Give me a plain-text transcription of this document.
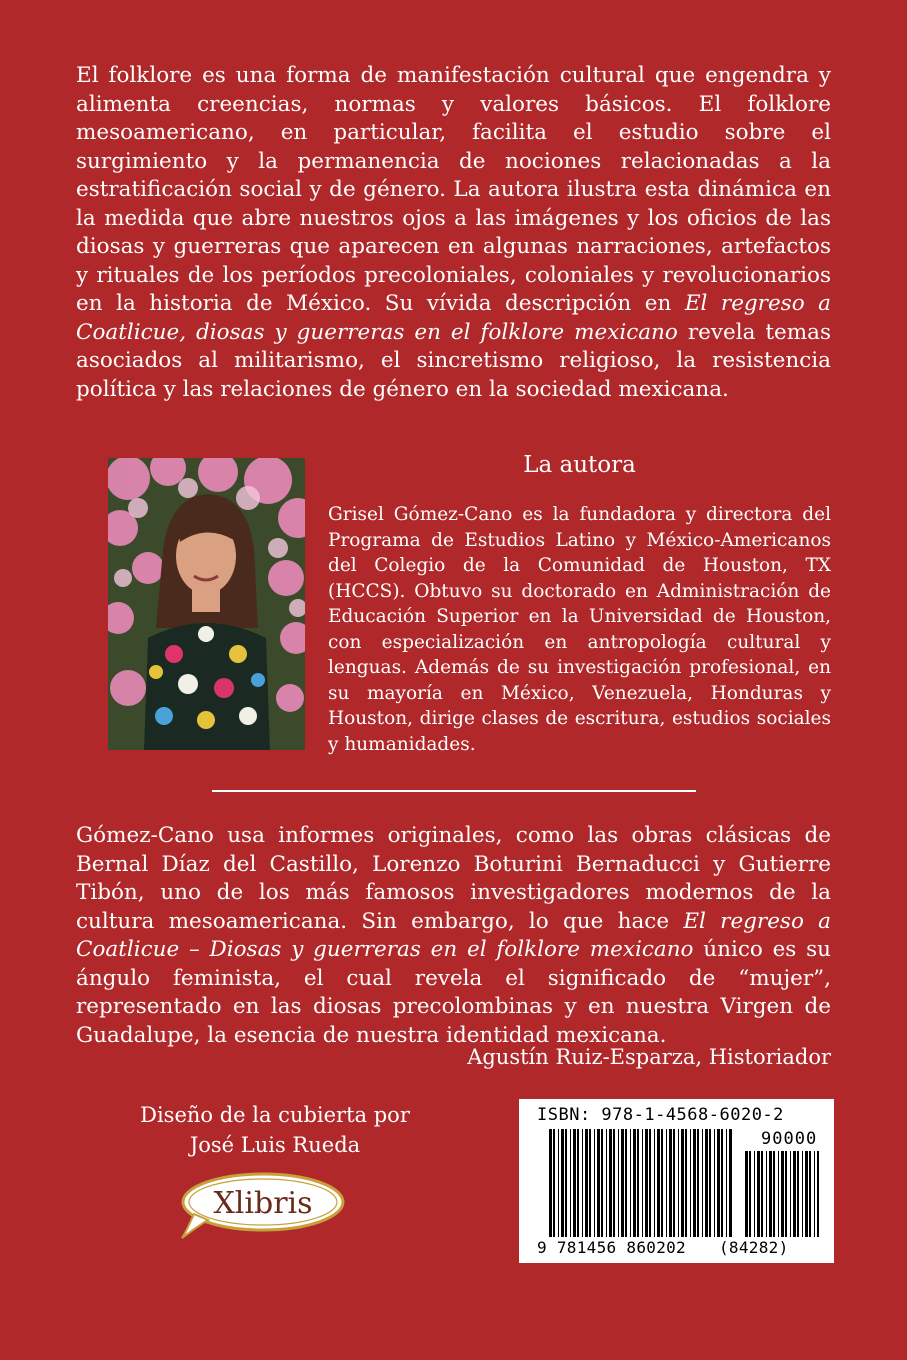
El folklore es una forma de manifestación cultural que engendra y alimenta creencias, normas y valores básicos. El folklore mesoamericano, en particular, facilita el estudio sobre el surgimiento y la permanencia de nociones relacionadas a la estratificación social y de género. La autora ilustra esta dinámica en la medida que abre nuestros ojos a las imágenes y los oficios de las diosas y guerreras que aparecen en algunas narraciones, artefactos y rituales de los períodos precoloniales, coloniales y revolucionarios en la historia de México. Su vívida descripción en El regreso a Coatlicue, diosas y guerreras en el folklore mexicano revela temas asociados al militarismo, el sincretismo religioso, la resistencia política y las relaciones de género en la sociedad mexicana.

La autora

Grisel Gómez-Cano es la fundadora y directora del Programa de Estudios Latino y México-Americanos del Colegio de la Comunidad de Houston, TX (HCCS). Obtuvo su doctorado en Administración de Educación Superior en la Universidad de Houston, con especialización en antropología cultural y lenguas. Además de su investigación profesional, en su mayoría en México, Venezuela, Honduras y Houston, dirige clases de escritura, estudios sociales y humanidades.

Gómez-Cano usa informes originales, como las obras clásicas de Bernal Díaz del Castillo, Lorenzo Boturini Bernaducci y Gutierre Tibón, uno de los más famosos investigadores modernos de la cultura mesoamericana. Sin embargo, lo que hace El regreso a Coatlicue – Diosas y guerreras en el folklore mexicano único es su ángulo feminista, el cual revela el significado de “mujer”, representado en las diosas precolombinas y en nuestra Virgen de Guadalupe, la esencia de nuestra identidad mexicana.

Agustín Ruiz-Esparza, Historiador

Diseño de la cubierta por
José Luis Rueda
Xlibris
ISBN: 978-1-4568-6020-2
90000
9 781456 860202 (84282)
